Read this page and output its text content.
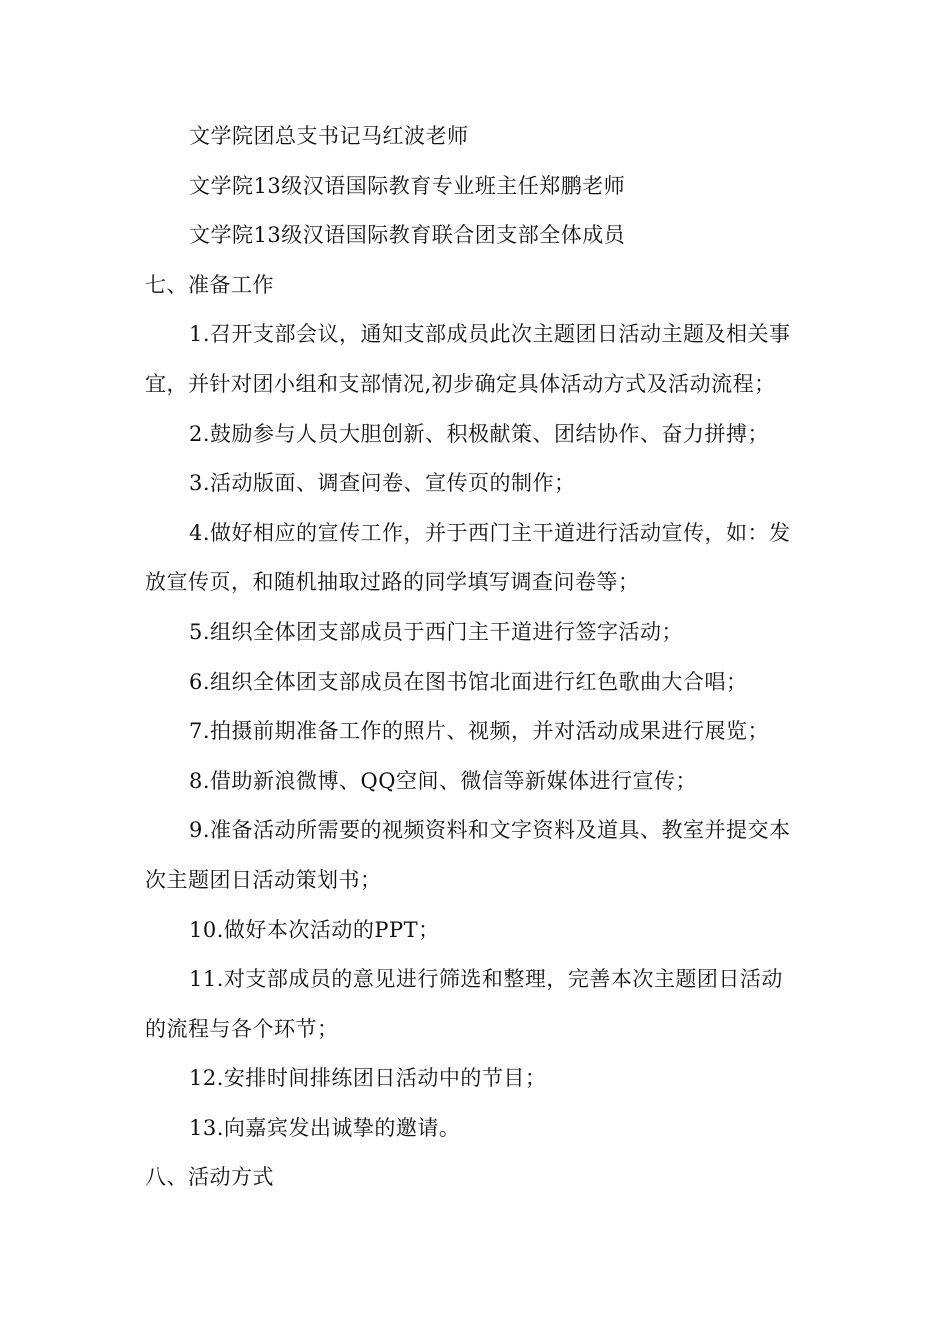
文学院团总支书记马红波老师
文学院13级汉语国际教育专业班主任郑鹏老师
文学院13级汉语国际教育联合团支部全体成员
七、准备工作
1.召开支部会议，通知支部成员此次主题团日活动主题及相关事
宜，并针对团小组和支部情况,初步确定具体活动方式及活动流程；
2.鼓励参与人员大胆创新、积极献策、团结协作、奋力拼搏；
3.活动版面、调查问卷、宣传页的制作；
4.做好相应的宣传工作，并于西门主干道进行活动宣传，如：发
放宣传页，和随机抽取过路的同学填写调查问卷等；
5.组织全体团支部成员于西门主干道进行签字活动；
6.组织全体团支部成员在图书馆北面进行红色歌曲大合唱；
7.拍摄前期准备工作的照片、视频，并对活动成果进行展览；
8.借助新浪微博、QQ空间、微信等新媒体进行宣传；
9.准备活动所需要的视频资料和文字资料及道具、教室并提交本
次主题团日活动策划书；
10.做好本次活动的PPT；
11.对支部成员的意见进行筛选和整理，完善本次主题团日活动
的流程与各个环节；
12.安排时间排练团日活动中的节目；
13.向嘉宾发出诚挚的邀请。
八、活动方式
